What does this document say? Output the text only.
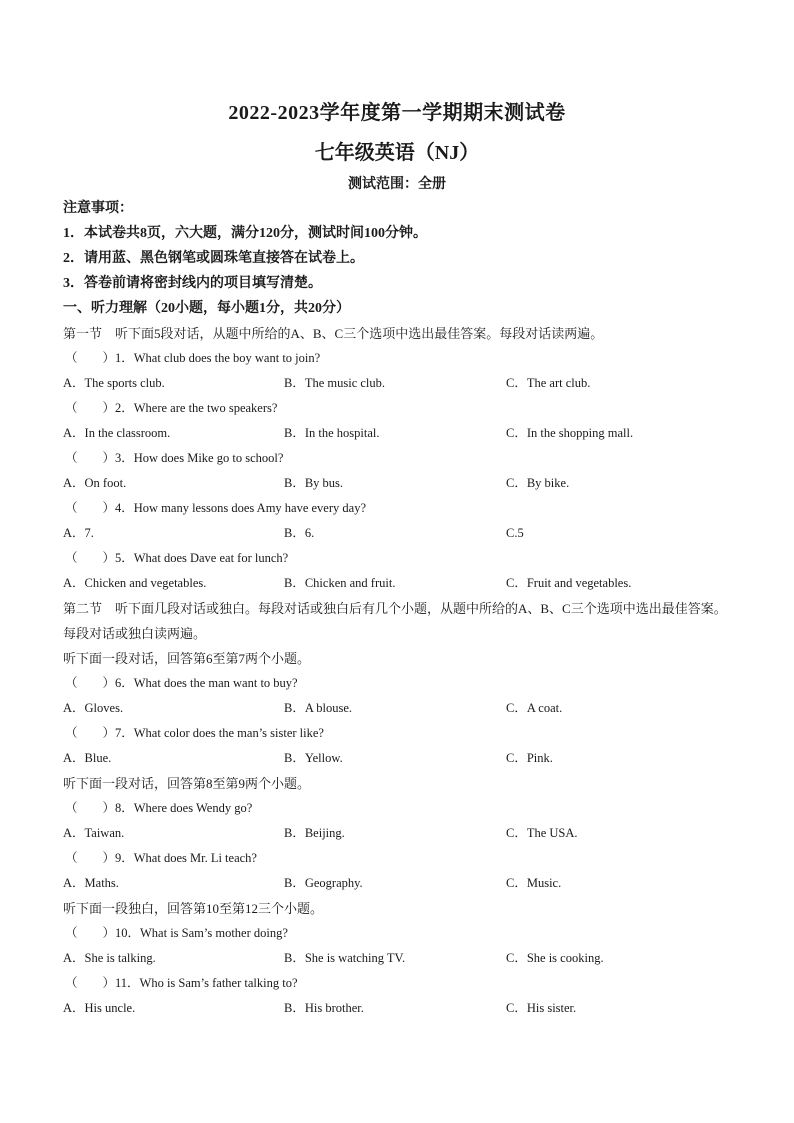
2022-2023学年度第一学期期末测试卷
七年级英语（NJ）
测试范围：全册
注意事项：
1．本试卷共8页，六大题，满分120分，测试时间100分钟。
2．请用蓝、黑色钢笔或圆珠笔直接答在试卷上。
3．答卷前请将密封线内的项目填写清楚。
一、听力理解（20小题，每小题1分，共20分）
第一节　听下面5段对话，从题中所给的A、B、C三个选项中选出最佳答案。每段对话读两遍。
（　　）1．What club does the boy want to join?
A．The sports club.	B．The music club.	C．The art club.
（　　）2．Where are the two speakers?
A．In the classroom.	B．In the hospital.	C．In the shopping mall.
（　　）3．How does Mike go to school?
A．On foot.	B．By bus.	C．By bike.
（　　）4．How many lessons does Amy have every day?
A．7.	B．6.	C.5
（　　）5．What does Dave eat for lunch?
A．Chicken and vegetables.	B．Chicken and fruit.	C．Fruit and vegetables.
第二节　听下面几段对话或独白。每段对话或独白后有几个小题，从题中所给的A、B、C三个选项中选出最佳答案。每段对话或独白读两遍。
听下面一段对话，回答第6至第7两个小题。
（　　）6．What does the man want to buy?
A．Gloves.	B．A blouse.	C．A coat.
（　　）7．What color does the man’s sister like?
A．Blue.	B．Yellow.	C．Pink.
听下面一段对话，回答第8至第9两个小题。
（　　）8．Where does Wendy go?
A．Taiwan.	B．Beijing.	C．The USA.
（　　）9．What does Mr. Li teach?
A．Maths.	B．Geography.	C．Music.
听下面一段独白，回答第10至第12三个小题。
（　　）10．What is Sam’s mother doing?
A．She is talking.	B．She is watching TV.	C．She is cooking.
（　　）11．Who is Sam’s father talking to?
A．His uncle.	B．His brother.	C．His sister.
